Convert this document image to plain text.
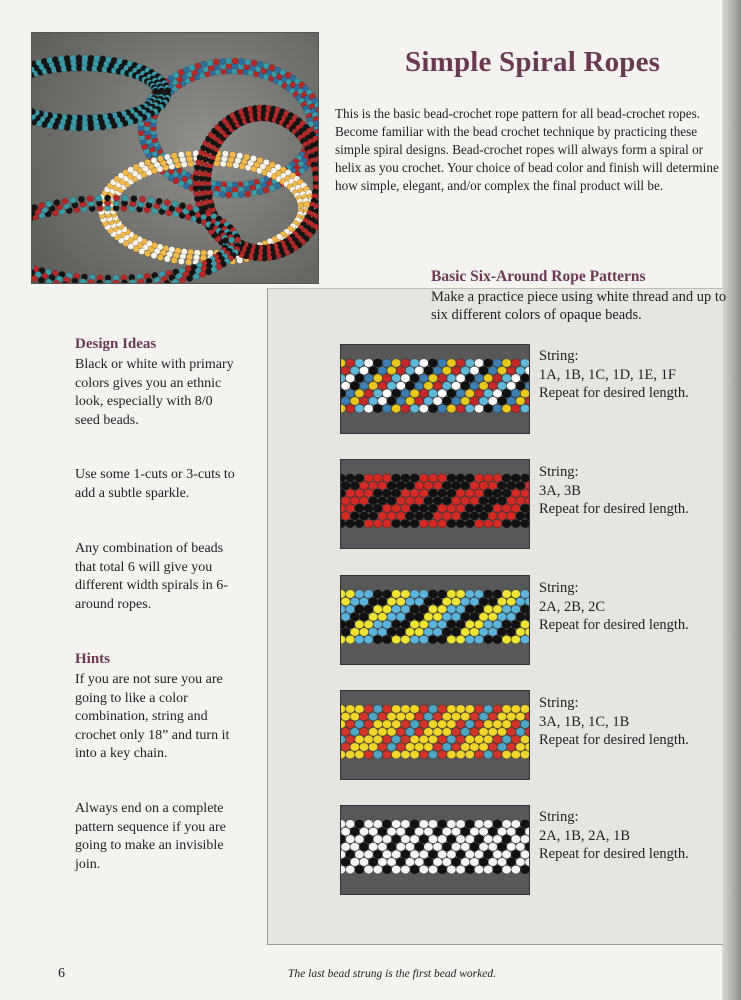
Simple Spiral Ropes

This is the basic bead-crochet rope pattern for all bead-crochet ropes. Become familiar with the bead crochet technique by practicing these simple spiral designs. Bead-crochet ropes will always form a spiral or helix as you crochet. Your choice of bead color and finish will determine how simple, elegant, and/or complex the final product will be.

Basic Six-Around Rope Patterns

Make a practice piece using white thread and up to six different colors of opaque beads.

Design Ideas

Black or white with primary colors gives you an ethnic look, especially with 8/0 seed beads.

Use some 1-cuts or 3-cuts to add a subtle sparkle.

Any combination of beads that total 6 will give you different width spirals in 6-around ropes.

Hints

If you are not sure you are going to like a color combination, string and crochet only 18” and turn it into a key chain.

Always end on a complete pattern sequence if you are going to make an invisible join.

String:
1A, 1B, 1C, 1D, 1E, 1F
Repeat for desired length.
String:
3A, 3B
Repeat for desired length.
String:
2A, 2B, 2C
Repeat for desired length.
String:
3A, 1B, 1C, 1B
Repeat for desired length.
String:
2A, 1B, 2A, 1B
Repeat for desired length.
6	The last bead strung is the first bead worked.
